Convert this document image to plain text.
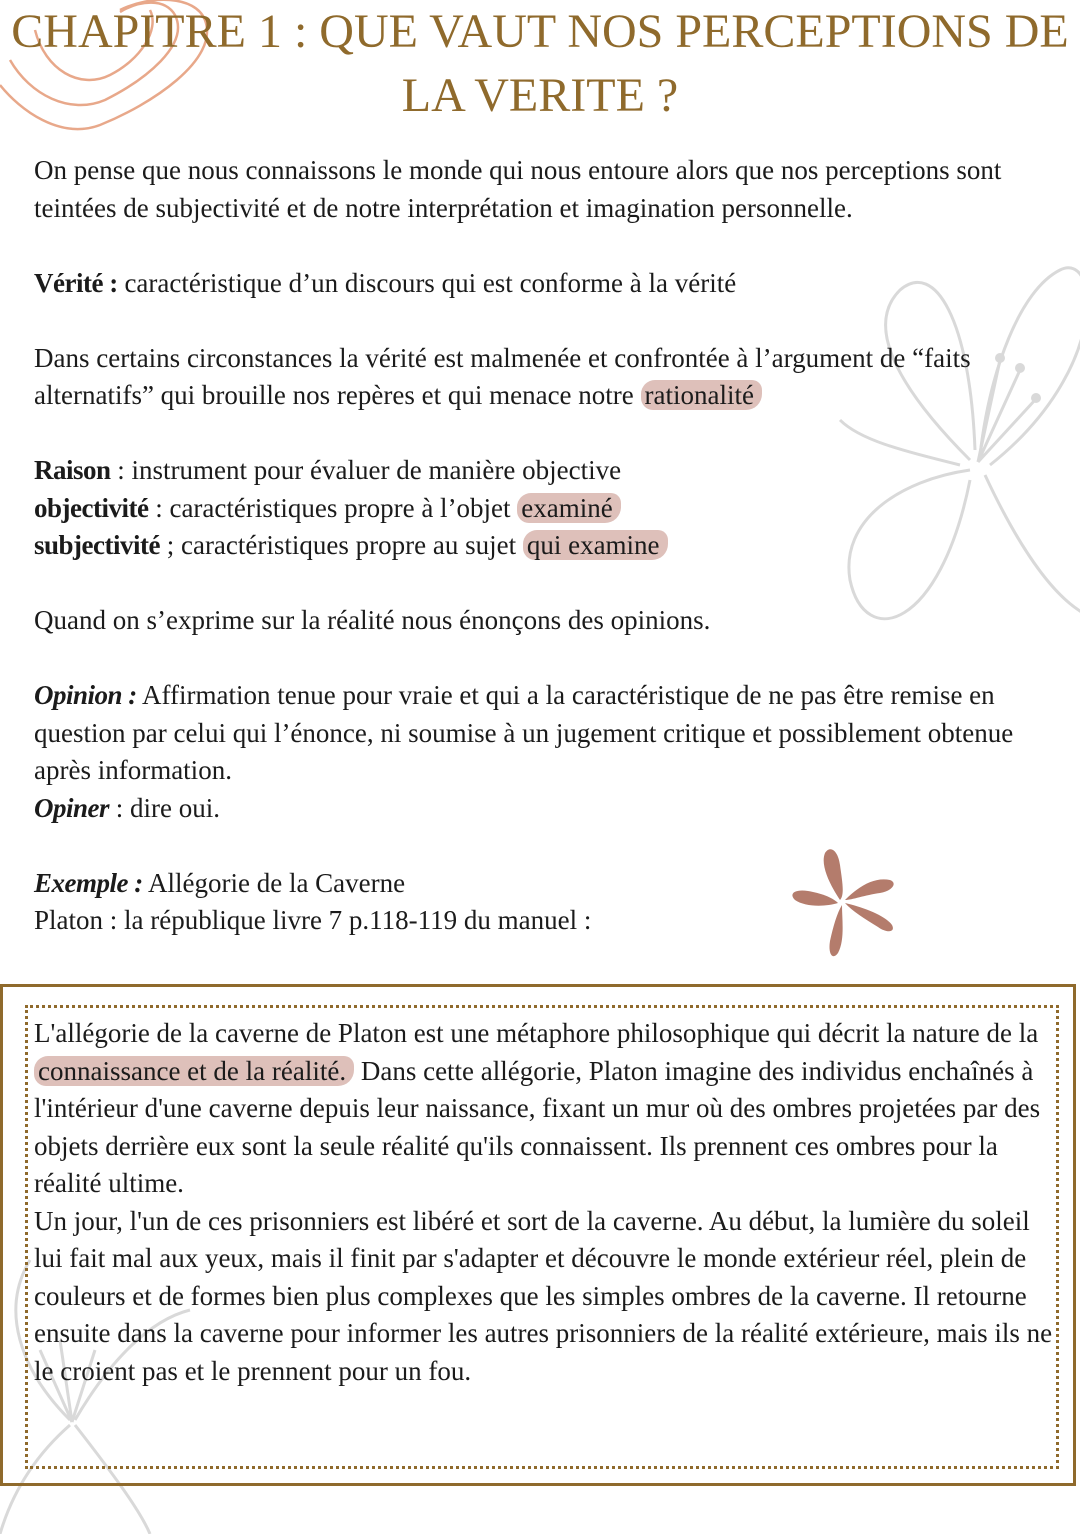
CHAPITRE 1 : QUE VAUT NOS PERCEPTIONS DE LA VERITE ?

On pense que nous connaissons le monde qui nous entoure alors que nos perceptions sont teintées de subjectivité et de notre interprétation et imagination personnelle.

Vérité : caractéristique d’un discours qui est conforme à la vérité

Dans certains circonstances la vérité est malmenée et confrontée à l’argument de “faits alternatifs” qui brouille nos repères et qui menace notre rationalité

Raison : instrument pour évaluer de manière objective

objectivité : caractéristiques propre à l’objet examiné

subjectivité ; caractéristiques propre au sujet qui examine

Quand on s’exprime sur la réalité nous énonçons des opinions.

Opinion : Affirmation tenue pour vraie et qui a la caractéristique de ne pas être remise en question par celui qui l’énonce, ni soumise à un jugement critique et possiblement obtenue après information.

Opiner : dire oui.

Exemple : Allégorie de la Caverne

Platon : la république livre 7 p.118-119 du manuel :

L'allégorie de la caverne de Platon est une métaphore philosophique qui décrit la nature de la connaissance et de la réalité. Dans cette allégorie, Platon imagine des individus enchaînés à l'intérieur d'une caverne depuis leur naissance, fixant un mur où des ombres projetées par des objets derrière eux sont la seule réalité qu'ils connaissent. Ils prennent ces ombres pour la réalité ultime.

Un jour, l'un de ces prisonniers est libéré et sort de la caverne. Au début, la lumière du soleil lui fait mal aux yeux, mais il finit par s'adapter et découvre le monde extérieur réel, plein de couleurs et de formes bien plus complexes que les simples ombres de la caverne. Il retourne ensuite dans la caverne pour informer les autres prisonniers de la réalité extérieure, mais ils ne le croient pas et le prennent pour un fou.
